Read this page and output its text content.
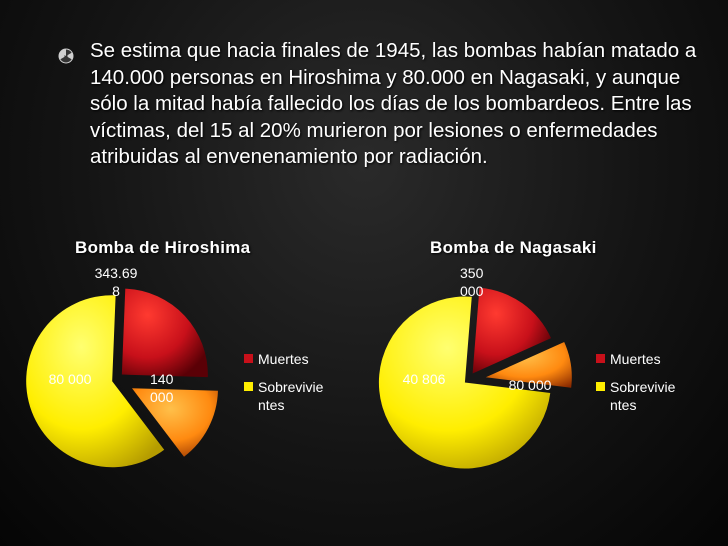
Se estima que hacia finales de 1945, las bombas habían matado a 140.000 personas en Hiroshima y 80.000 en Nagasaki, y aunque sólo la mitad había fallecido los días de los bombardeos. Entre las víctimas, del 15 al 20% murieron por lesiones o enfermedades atribuidas al envenenamiento por radiación.
Bomba de Hiroshima	Bomba de Nagasaki
140 000
80 000
343.69 8
80 000
40 806
350 000
Muertes
Sobrevivie
ntes
Muertes
Sobrevivie
ntes
